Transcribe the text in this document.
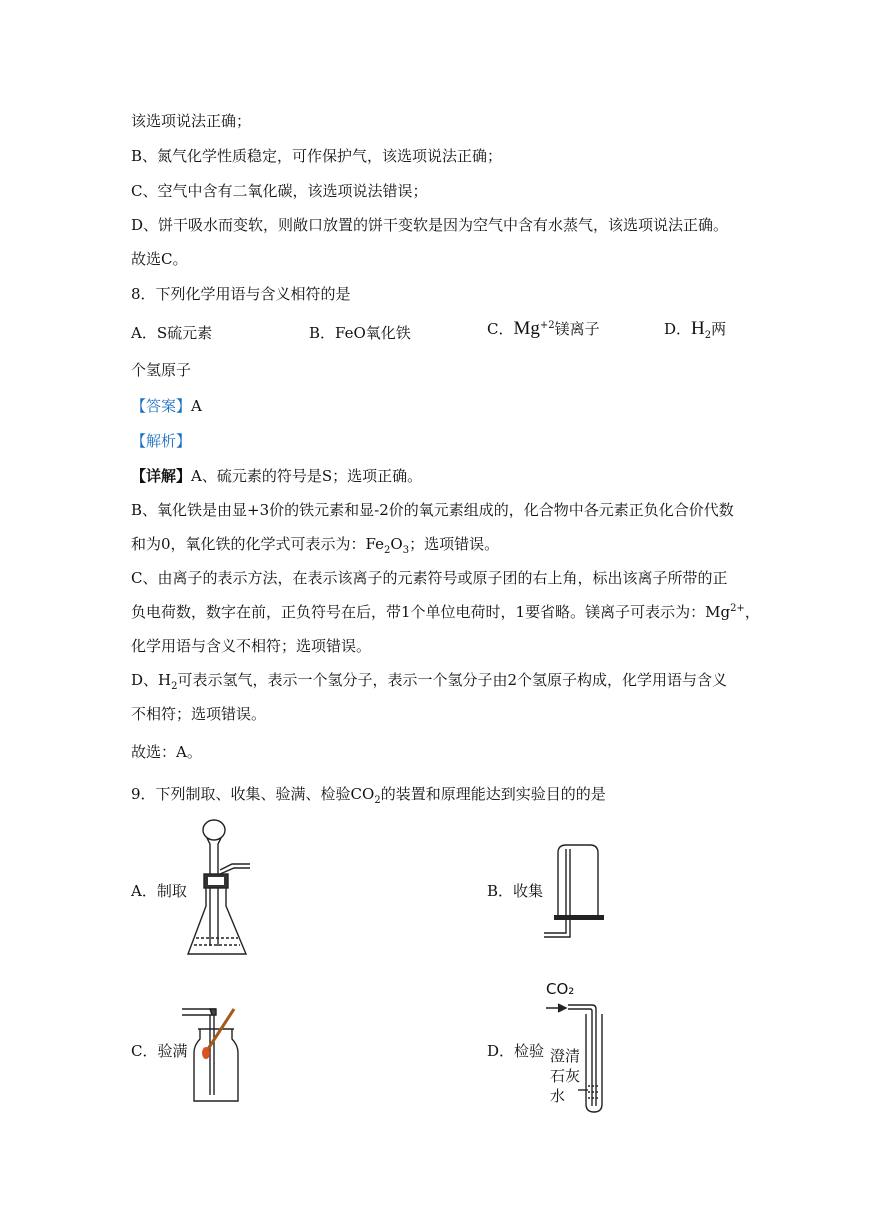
该选项说法正确；
B、氮气化学性质稳定，可作保护气，该选项说法正确；
C、空气中含有二氧化碳，该选项说法错误；
D、饼干吸水而变软，则敞口放置的饼干变软是因为空气中含有水蒸气，该选项说法正确。
故选C。
8．下列化学用语与含义相符的是
A．S硫元素	B．FeO氧化铁	C．$Mg^{+2}$镁离子	D．$H_2$两
个氢原子
【答案】A
【解析】
【详解】A、硫元素的符号是S；选项正确。
B、氧化铁是由显+3价的铁元素和显-2价的氧元素组成的，化合物中各元素正负化合价代数
和为0，氧化铁的化学式可表示为：$Fe_2O_3$；选项错误。
C、由离子的表示方法，在表示该离子的元素符号或原子团的右上角，标出该离子所带的正
负电荷数，数字在前，正负符号在后，带1个单位电荷时，1要省略。镁离子可表示为：$Mg^{2+}$，
化学用语与含义不相符；选项错误。
D、$H_2$可表示氢气，表示一个氢分子，表示一个氢分子由2个氢原子构成，化学用语与含义
不相符；选项错误。
故选：A。
9．下列制取、收集、验满、检验$CO_2$的装置和原理能达到实验目的的是
A．制取	B．收集
C．验满	D．检验
CO₂
澄清
石灰
水
